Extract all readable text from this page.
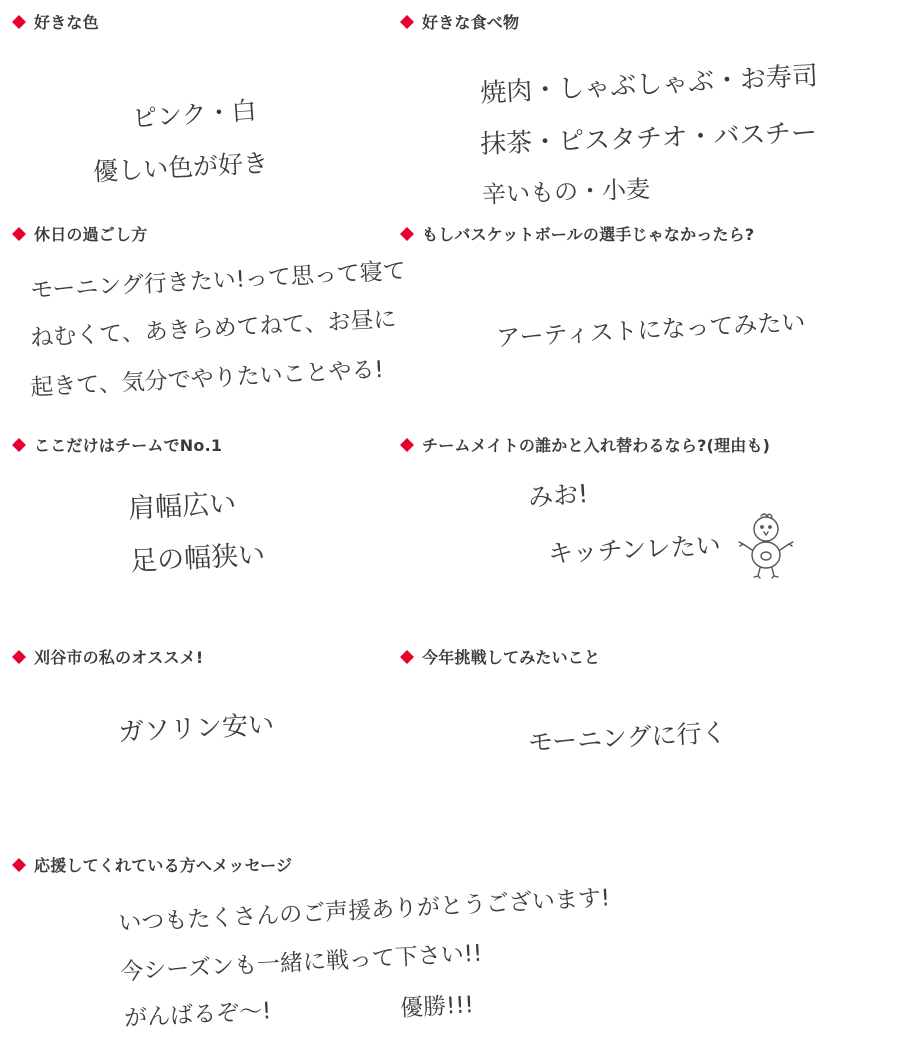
好きな色
ピンク・白
優しい色が好き
好きな食べ物
焼肉・しゃぶしゃぶ・お寿司
抹茶・ピスタチオ・バスチー
辛いもの・小麦
休日の過ごし方
モーニング行きたい!って思って寝て
ねむくて、あきらめてねて、お昼に
起きて、気分でやりたいことやる!
もしバスケットボールの選手じゃなかったら?
アーティストになってみたい
ここだけはチームでNo.1
肩幅広い
足の幅狭い
チームメイトの誰かと入れ替わるなら?(理由も)
みお!
キッチンレたい
刈谷市の私のオススメ!
ガソリン安い
今年挑戦してみたいこと
モーニングに行く
応援してくれている方へメッセージ
いつもたくさんのご声援ありがとうございます!
今シーズンも一緒に戦って下さい!!
がんばるぞ〜!	優勝!!!
